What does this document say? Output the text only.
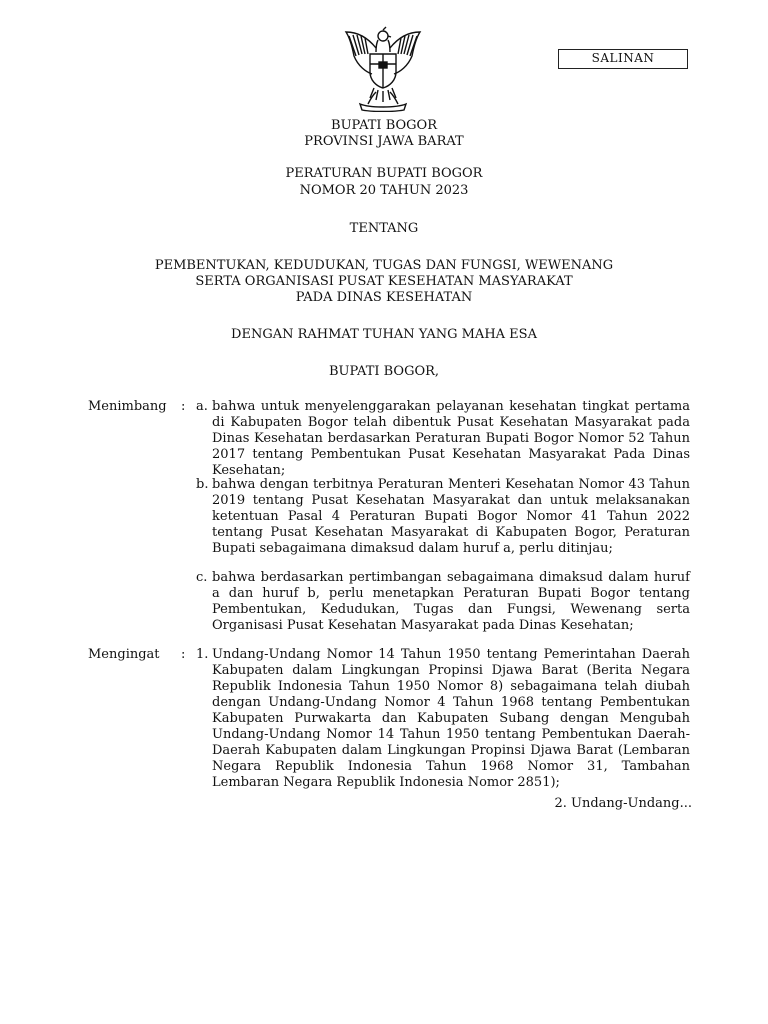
SALINAN
BUPATI BOGOR
PROVINSI JAWA BARAT
PERATURAN BUPATI BOGOR
NOMOR 20 TAHUN 2023
TENTANG
PEMBENTUKAN, KEDUDUKAN, TUGAS DAN FUNGSI, WEWENANG
SERTA ORGANISASI PUSAT KESEHATAN MASYARAKAT
PADA DINAS KESEHATAN
DENGAN RAHMAT TUHAN YANG MAHA ESA
BUPATI BOGOR,
Menimbang : a. bahwa untuk menyelenggarakan pelayanan kesehatan tingkat pertama di Kabupaten Bogor telah dibentuk Pusat Kesehatan Masyarakat pada Dinas Kesehatan berdasarkan Peraturan Bupati Bogor Nomor 52 Tahun 2017 tentang Pembentukan Pusat Kesehatan Masyarakat Pada Dinas Kesehatan;
b. bahwa dengan terbitnya Peraturan Menteri Kesehatan Nomor 43 Tahun 2019 tentang Pusat Kesehatan Masyarakat dan untuk melaksanakan ketentuan Pasal 4 Peraturan Bupati Bogor Nomor 41 Tahun 2022 tentang Pusat Kesehatan Masyarakat di Kabupaten Bogor, Peraturan Bupati sebagaimana dimaksud dalam huruf a, perlu ditinjau;
c. bahwa berdasarkan pertimbangan sebagaimana dimaksud dalam huruf a dan huruf b, perlu menetapkan Peraturan Bupati Bogor tentang Pembentukan, Kedudukan, Tugas dan Fungsi, Wewenang serta Organisasi Pusat Kesehatan Masyarakat pada Dinas Kesehatan;
Mengingat : 1. Undang-Undang Nomor 14 Tahun 1950 tentang Pemerintahan Daerah Kabupaten dalam Lingkungan Propinsi Djawa Barat (Berita Negara Republik Indonesia Tahun 1950 Nomor 8) sebagaimana telah diubah dengan Undang-Undang Nomor 4 Tahun 1968 tentang Pembentukan Kabupaten Purwakarta dan Kabupaten Subang dengan Mengubah Undang-Undang Nomor 14 Tahun 1950 tentang Pembentukan Daerah-Daerah Kabupaten dalam Lingkungan Propinsi Djawa Barat (Lembaran Negara Republik Indonesia Tahun 1968 Nomor 31, Tambahan Lembaran Negara Republik Indonesia Nomor 2851);
2. Undang-Undang...
